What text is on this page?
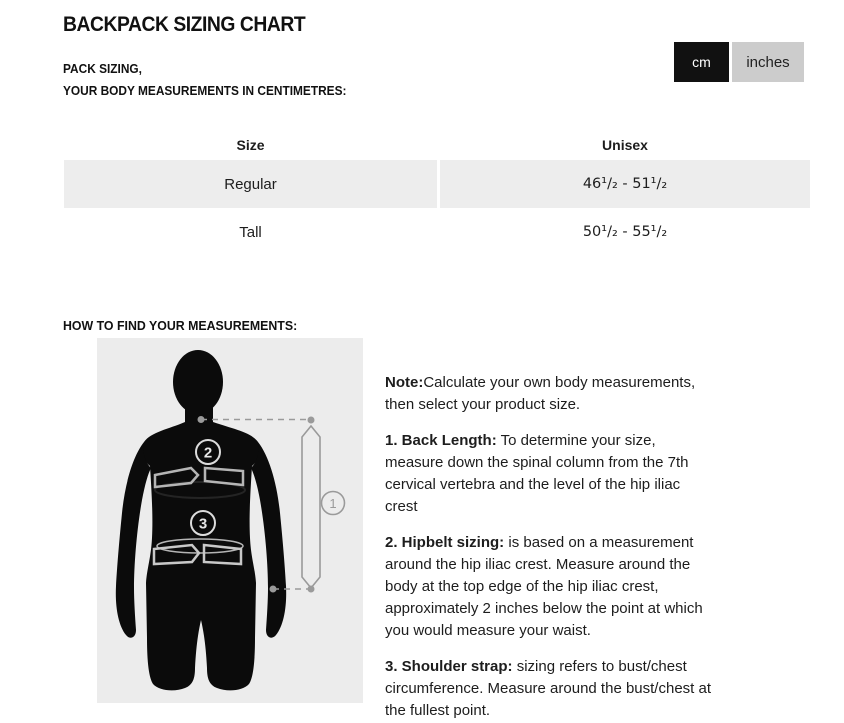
BACKPACK SIZING CHART
PACK SIZING,
YOUR BODY MEASUREMENTS IN CENTIMETRES:
cm	inches
Size	Unisex
Regular	46¹/₂ - 51¹/₂
Tall	50¹/₂ - 55¹/₂
HOW TO FIND YOUR MEASUREMENTS:
2
3
1

Note:Calculate your own body measurements, then select your product size.

1. Back Length: To determine your size, measure down the spinal column from the 7th cervical vertebra and the level of the hip iliac crest

2. Hipbelt sizing: is based on a measurement around the hip iliac crest. Measure around the body at the top edge of the hip iliac crest, approximately 2 inches below the point at which you would measure your waist.

3. Shoulder strap: sizing refers to bust/chest circumference. Measure around the bust/chest at the fullest point.
